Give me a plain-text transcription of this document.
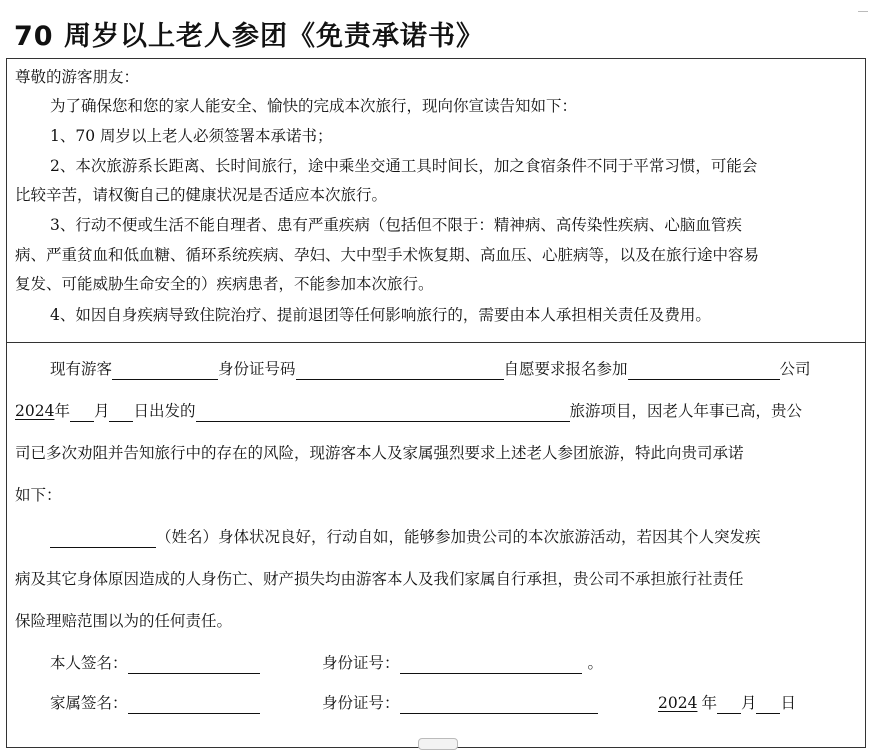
70 周岁以上老人参团《免责承诺书》
尊敬的游客朋友：
为了确保您和您的家人能安全、愉快的完成本次旅行，现向你宣读告知如下：
1、70 周岁以上老人必须签署本承诺书；
2、本次旅游系长距离、长时间旅行，途中乘坐交通工具时间长，加之食宿条件不同于平常习惯，可能会
比较辛苦，请权衡自己的健康状况是否适应本次旅行。
3、行动不便或生活不能自理者、患有严重疾病（包括但不限于：精神病、高传染性疾病、心脑血管疾
病、严重贫血和低血糖、循环系统疾病、孕妇、大中型手术恢复期、高血压、心脏病等，以及在旅行途中容易
复发、可能威胁生命安全的）疾病患者，不能参加本次旅行。
4、如因自身疾病导致住院治疗、提前退团等任何影响旅行的，需要由本人承担相关责任及费用。
现有游客	身份证号码	自愿要求报名参加	公司
2024年 月 日出发的	旅游项目，因老人年事已高，贵公
司已多次劝阻并告知旅行中的存在的风险，现游客本人及家属强烈要求上述老人参团旅游，特此向贵司承诺
如下：
（姓名）身体状况良好，行动自如，能够参加贵公司的本次旅游活动，若因其个人突发疾
病及其它身体原因造成的人身伤亡、财产损失均由游客本人及我们家属自行承担，贵公司不承担旅行社责任
保险理赔范围以为的任何责任。
本人签名：	身份证号：	。
家属签名：	身份证号：	2024 年 月 日
